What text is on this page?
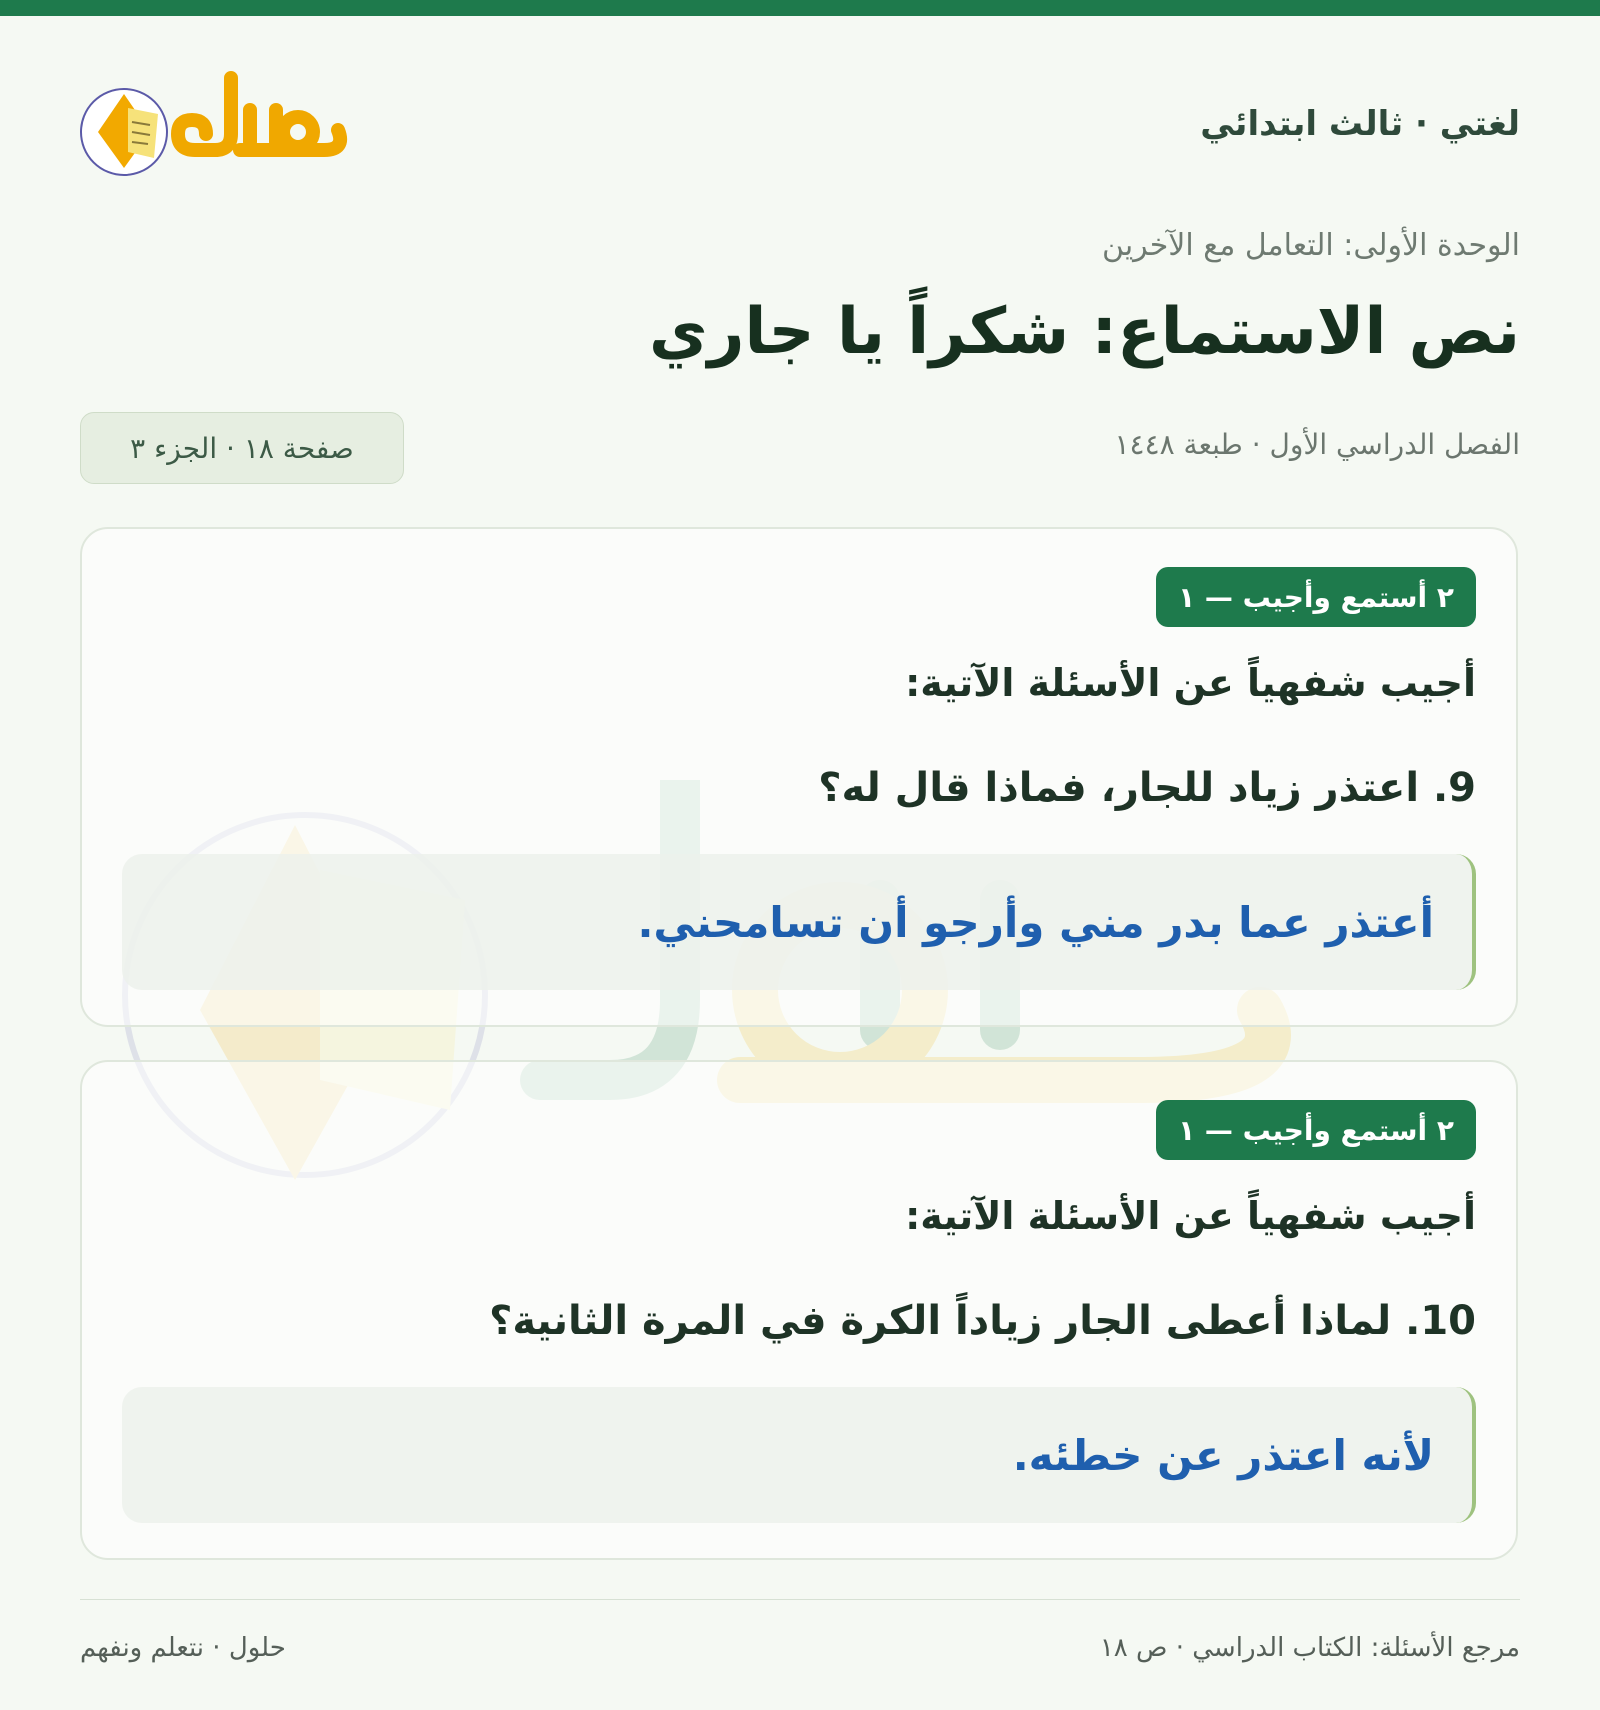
لغتي · ثالث ابتدائي
الوحدة الأولى: التعامل مع الآخرين
نص الاستماع: شكراً يا جاري
الفصل الدراسي الأول · طبعة ١٤٤٨
صفحة ١٨ · الجزء ٣
٢ أستمع وأجيب — ١
أجيب شفهياً عن الأسئلة الآتية:
9. اعتذر زياد للجار، فماذا قال له؟
أعتذر عما بدر مني وأرجو أن تسامحني.
٢ أستمع وأجيب — ١
أجيب شفهياً عن الأسئلة الآتية:
10. لماذا أعطى الجار زياداً الكرة في المرة الثانية؟
لأنه اعتذر عن خطئه.
مرجع الأسئلة: الكتاب الدراسي · ص ١٨
حلول · نتعلم ونفهم
